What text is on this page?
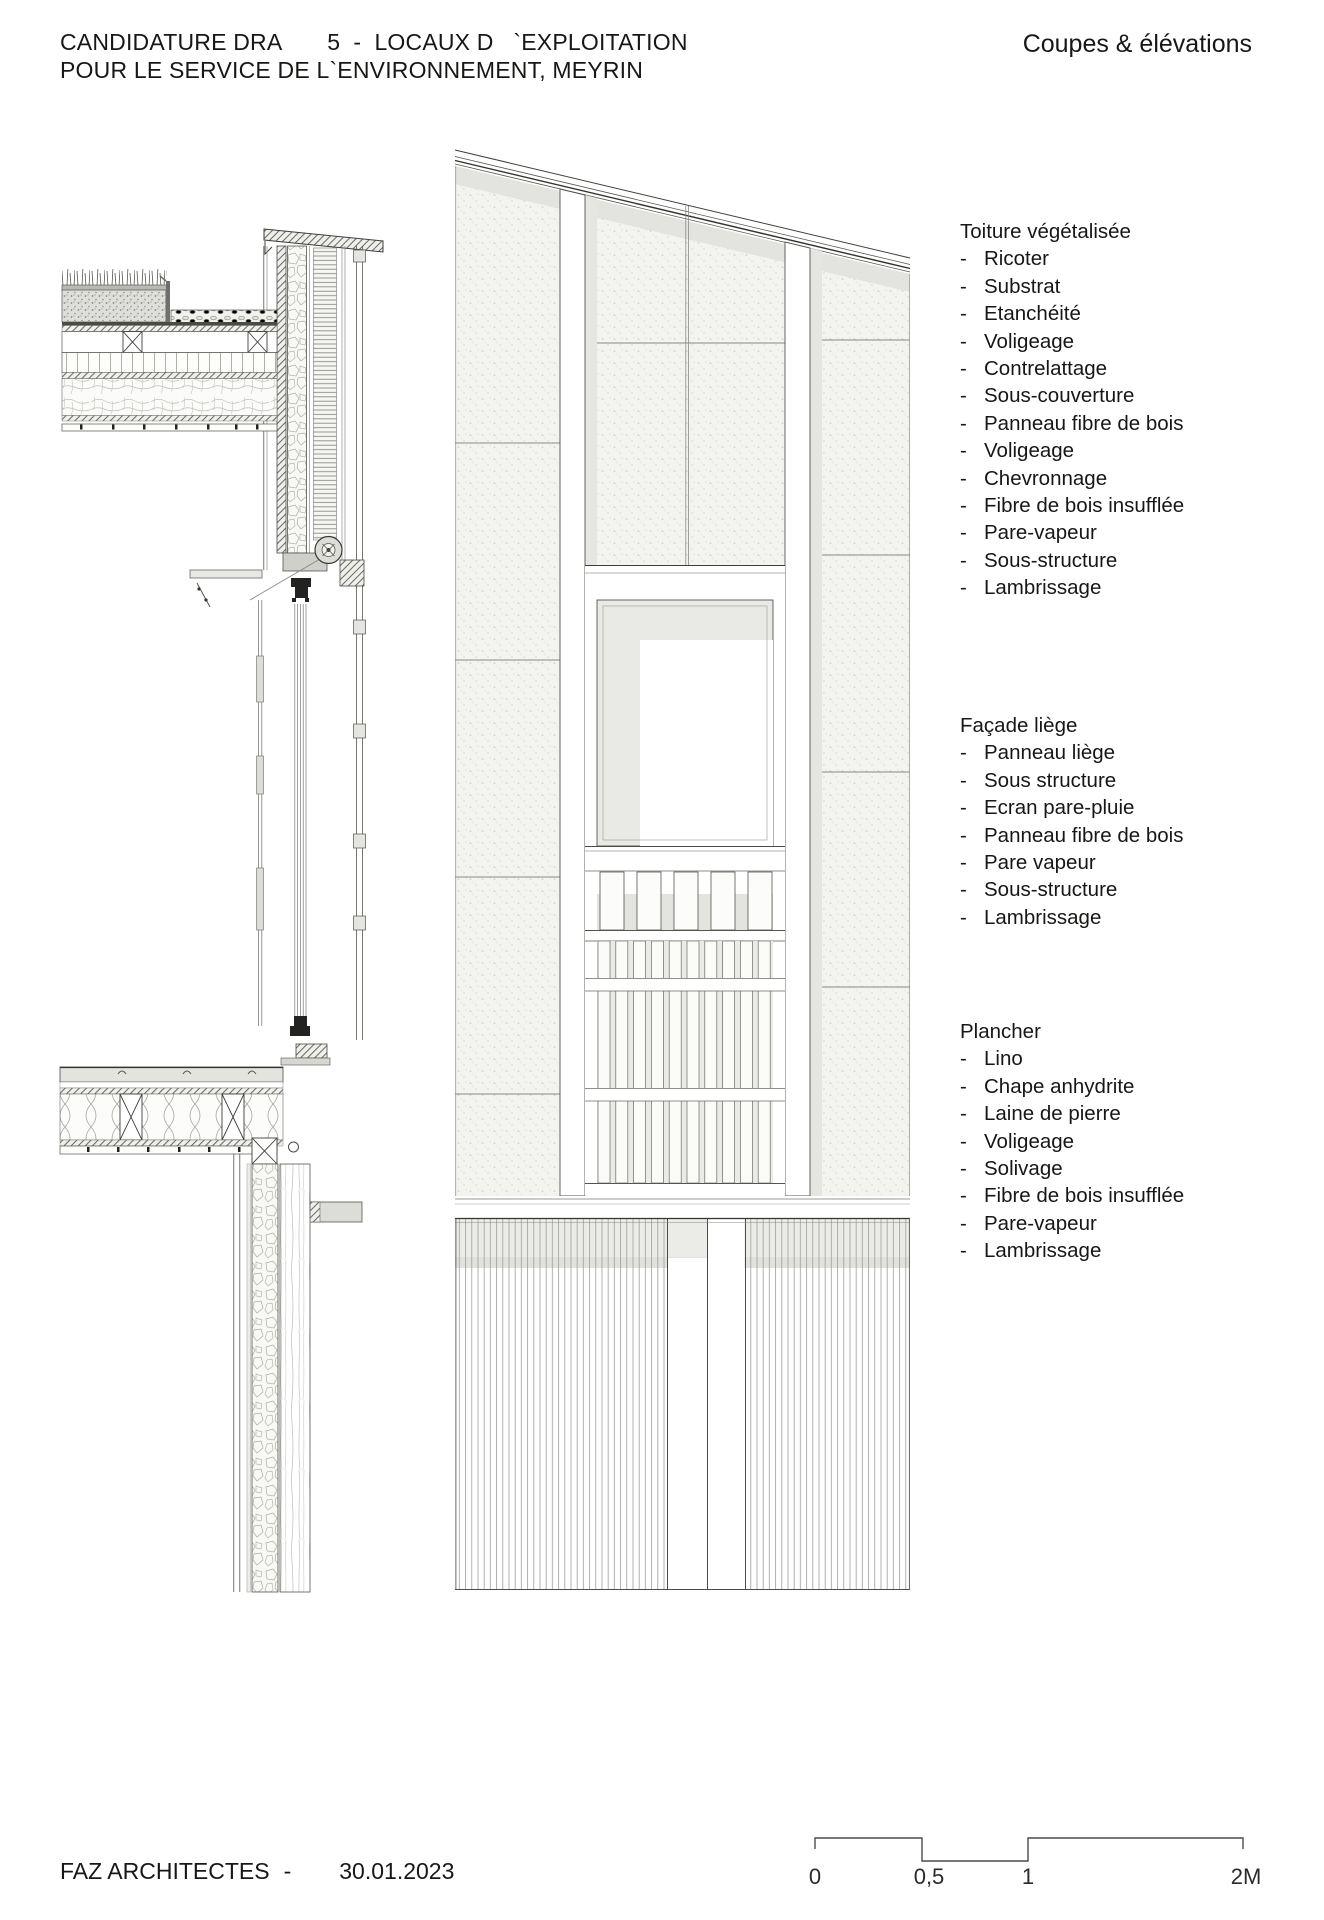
CANDIDATURE DRA       5  -  LOCAUX D   `EXPLOITATION
POUR LE SERVICE DE L`ENVIRONNEMENT, MEYRIN
Coupes & élévations
Toiture végétalisée
- Ricoter
- Substrat
- Etanchéité
- Voligeage
- Contrelattage
- Sous-couverture
- Panneau fibre de bois
- Voligeage
- Chevronnage
- Fibre de bois insufflée
- Pare-vapeur
- Sous-structure
- Lambrissage
Façade liège
- Panneau liège
- Sous structure
- Ecran pare-pluie
- Panneau fibre de bois
- Pare vapeur
- Sous-structure
- Lambrissage
Plancher
- Lino
- Chape anhydrite
- Laine de pierre
- Voligeage
- Solivage
- Fibre de bois insufflée
- Pare-vapeur
- Lambrissage
FAZ ARCHITECTES - 30.01.2023	0	0,5	1	2M
